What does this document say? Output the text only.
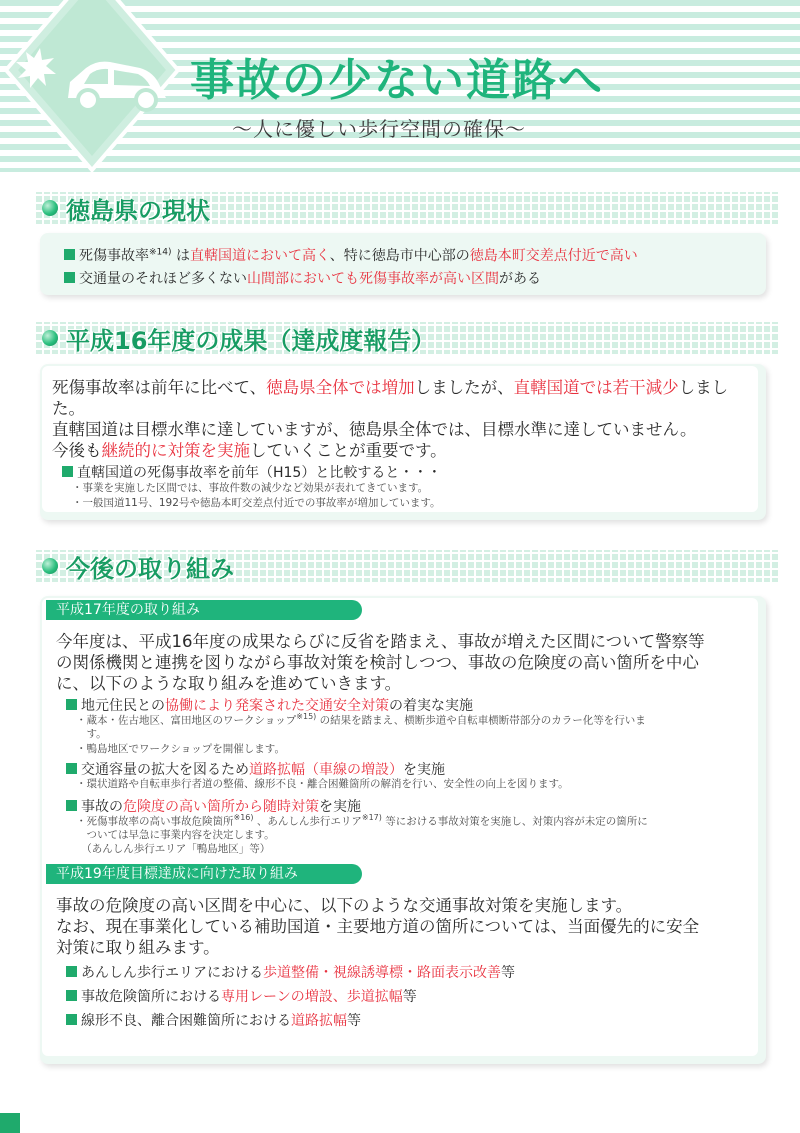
事故の少ない道路へ
〜人に優しい歩行空間の確保〜
徳島県の現状
死傷事故率$^{※14)}$ は直轄国道において高く、特に徳島市中心部の徳島本町交差点付近で高い
交通量のそれほど多くない山間部においても死傷事故率が高い区間がある
平成16年度の成果（達成度報告）
死傷事故率は前年に比べて、徳島県全体では増加しましたが、直轄国道では若干減少しまし
た。
直轄国道は目標水準に達していますが、徳島県全体では、目標水準に達していません。
今後も継続的に対策を実施していくことが重要です。
直轄国道の死傷事故率を前年（H15）と比較すると・・・
・事業を実施した区間では、事故件数の減少など効果が表れてきています。
・一般国道11号、192号や徳島本町交差点付近での事故率が増加しています。
今後の取り組み
平成17年度の取り組み
今年度は、平成16年度の成果ならびに反省を踏まえ、事故が増えた区間について警察等
の関係機関と連携を図りながら事故対策を検討しつつ、事故の危険度の高い箇所を中心
に、以下のような取り組みを進めていきます。
地元住民との協働により発案された交通安全対策の着実な実施
・蔵本・佐古地区、富田地区のワークショップ$^{※15)}$ の結果を踏まえ、横断歩道や自転車横断帯部分のカラー化等を行いま
　す。
・鴨島地区でワークショップを開催します。
交通容量の拡大を図るため道路拡幅（車線の増設）を実施
・環状道路や自転車歩行者道の整備、線形不良・離合困難箇所の解消を行い、安全性の向上を図ります。
事故の危険度の高い箇所から随時対策を実施
・死傷事故率の高い事故危険箇所$^{※16)}$ 、あんしん歩行エリア$^{※17)}$ 等における事故対策を実施し、対策内容が未定の箇所に
　ついては早急に事業内容を決定します。
　（あんしん歩行エリア「鴨島地区」等）
平成19年度目標達成に向けた取り組み
事故の危険度の高い区間を中心に、以下のような交通事故対策を実施します。
なお、現在事業化している補助国道・主要地方道の箇所については、当面優先的に安全
対策に取り組みます。
あんしん歩行エリアにおける歩道整備・視線誘導標・路面表示改善等
事故危険箇所における専用レーンの増設、歩道拡幅等
線形不良、離合困難箇所における道路拡幅等
